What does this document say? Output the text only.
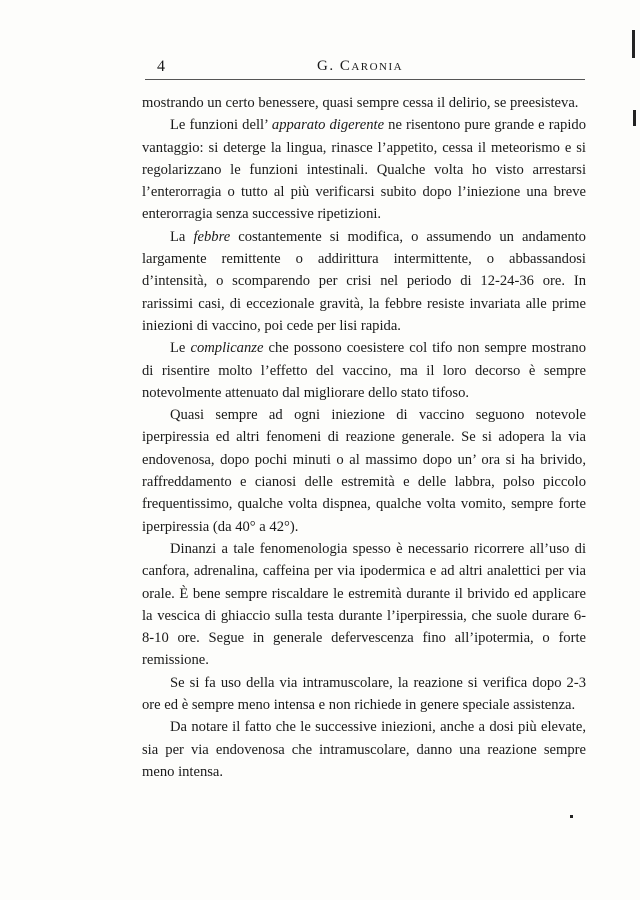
4	G. Caronia

mostrando un certo benessere, quasi sempre cessa il delirio, se preesisteva.

Le funzioni dell’ apparato digerente ne risentono pure grande e rapido vantaggio: si deterge la lingua, rinasce l’appetito, cessa il meteorismo e si regolarizzano le funzioni intestinali. Qualche volta ho visto arrestarsi l’enterorragia o tutto al più verificarsi subito dopo l’iniezione una breve enterorragia senza successive ripetizioni.

La febbre costantemente si modifica, o assumendo un andamento largamente remittente o addirittura intermittente, o abbassandosi d’intensità, o scomparendo per crisi nel periodo di 12-24-36 ore. In rarissimi casi, di eccezionale gravità, la febbre resiste invariata alle prime iniezioni di vaccino, poi cede per lisi rapida.

Le complicanze che possono coesistere col tifo non sempre mostrano di risentire molto l’effetto del vaccino, ma il loro decorso è sempre notevolmente attenuato dal migliorare dello stato tifoso.

Quasi sempre ad ogni iniezione di vaccino seguono notevole iperpiressia ed altri fenomeni di reazione generale. Se si adopera la via endovenosa, dopo pochi minuti o al massimo dopo un’ ora si ha brivido, raffreddamento e cianosi delle estremità e delle labbra, polso piccolo frequentissimo, qualche volta dispnea, qualche volta vomito, sempre forte iperpiressia (da 40° a 42°).

Dinanzi a tale fenomenologia spesso è necessario ricorrere all’uso di canfora, adrenalina, caffeina per via ipodermica e ad altri analettici per via orale. È bene sempre riscaldare le estremità durante il brivido ed applicare la vescica di ghiaccio sulla testa durante l’iperpiressia, che suole durare 6-8-10 ore. Segue in generale defervescenza fino all’ipotermia, o forte remissione.

Se si fa uso della via intramuscolare, la reazione si verifica dopo 2-3 ore ed è sempre meno intensa e non richiede in genere speciale assistenza.

Da notare il fatto che le successive iniezioni, anche a dosi più elevate, sia per via endovenosa che intramuscolare, danno una reazione sempre meno intensa.
